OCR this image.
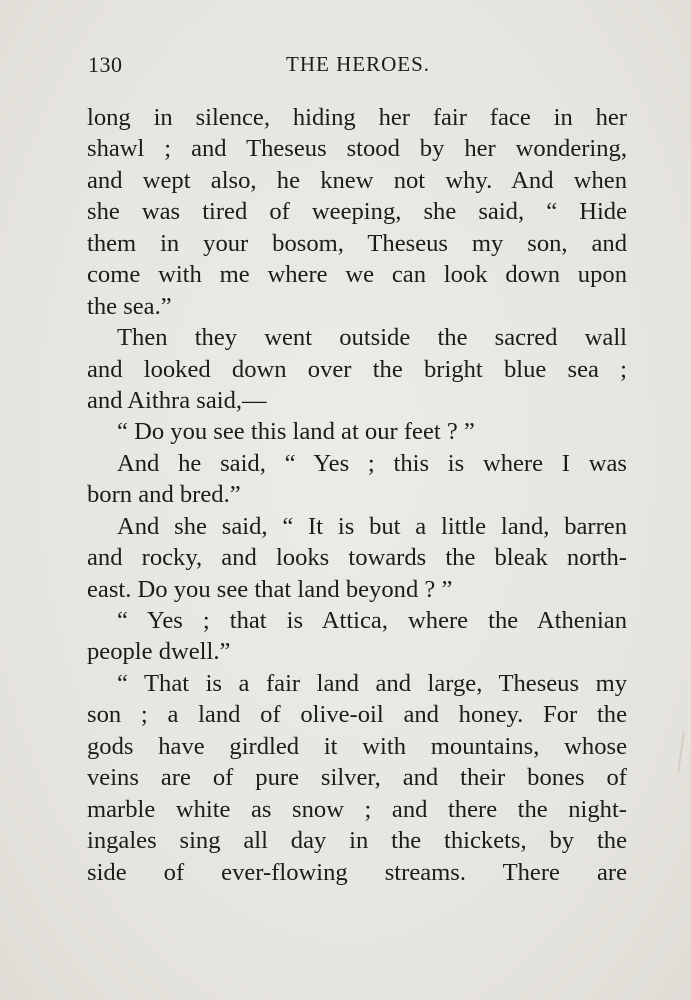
130	THE HEROES.
long in silence, hiding her fair face in her
shawl ; and Theseus stood by her wondering,
and wept also, he knew not why. And when
she was tired of weeping, she said, “ Hide
them in your bosom, Theseus my son, and
come with me where we can look down upon
the sea.”
Then they went outside the sacred wall
and looked down over the bright blue sea ;
and Aithra said,—
“ Do you see this land at our feet ? ”
And he said, “ Yes ; this is where I was
born and bred.”
And she said, “ It is but a little land, barren
and rocky, and looks towards the bleak north-
east. Do you see that land beyond ? ”
“ Yes ; that is Attica, where the Athenian
people dwell.”
“ That is a fair land and large, Theseus my
son ; a land of olive-oil and honey. For the
gods have girdled it with mountains, whose
veins are of pure silver, and their bones of
marble white as snow ; and there the night-
ingales sing all day in the thickets, by the
side of ever-flowing streams. There are
